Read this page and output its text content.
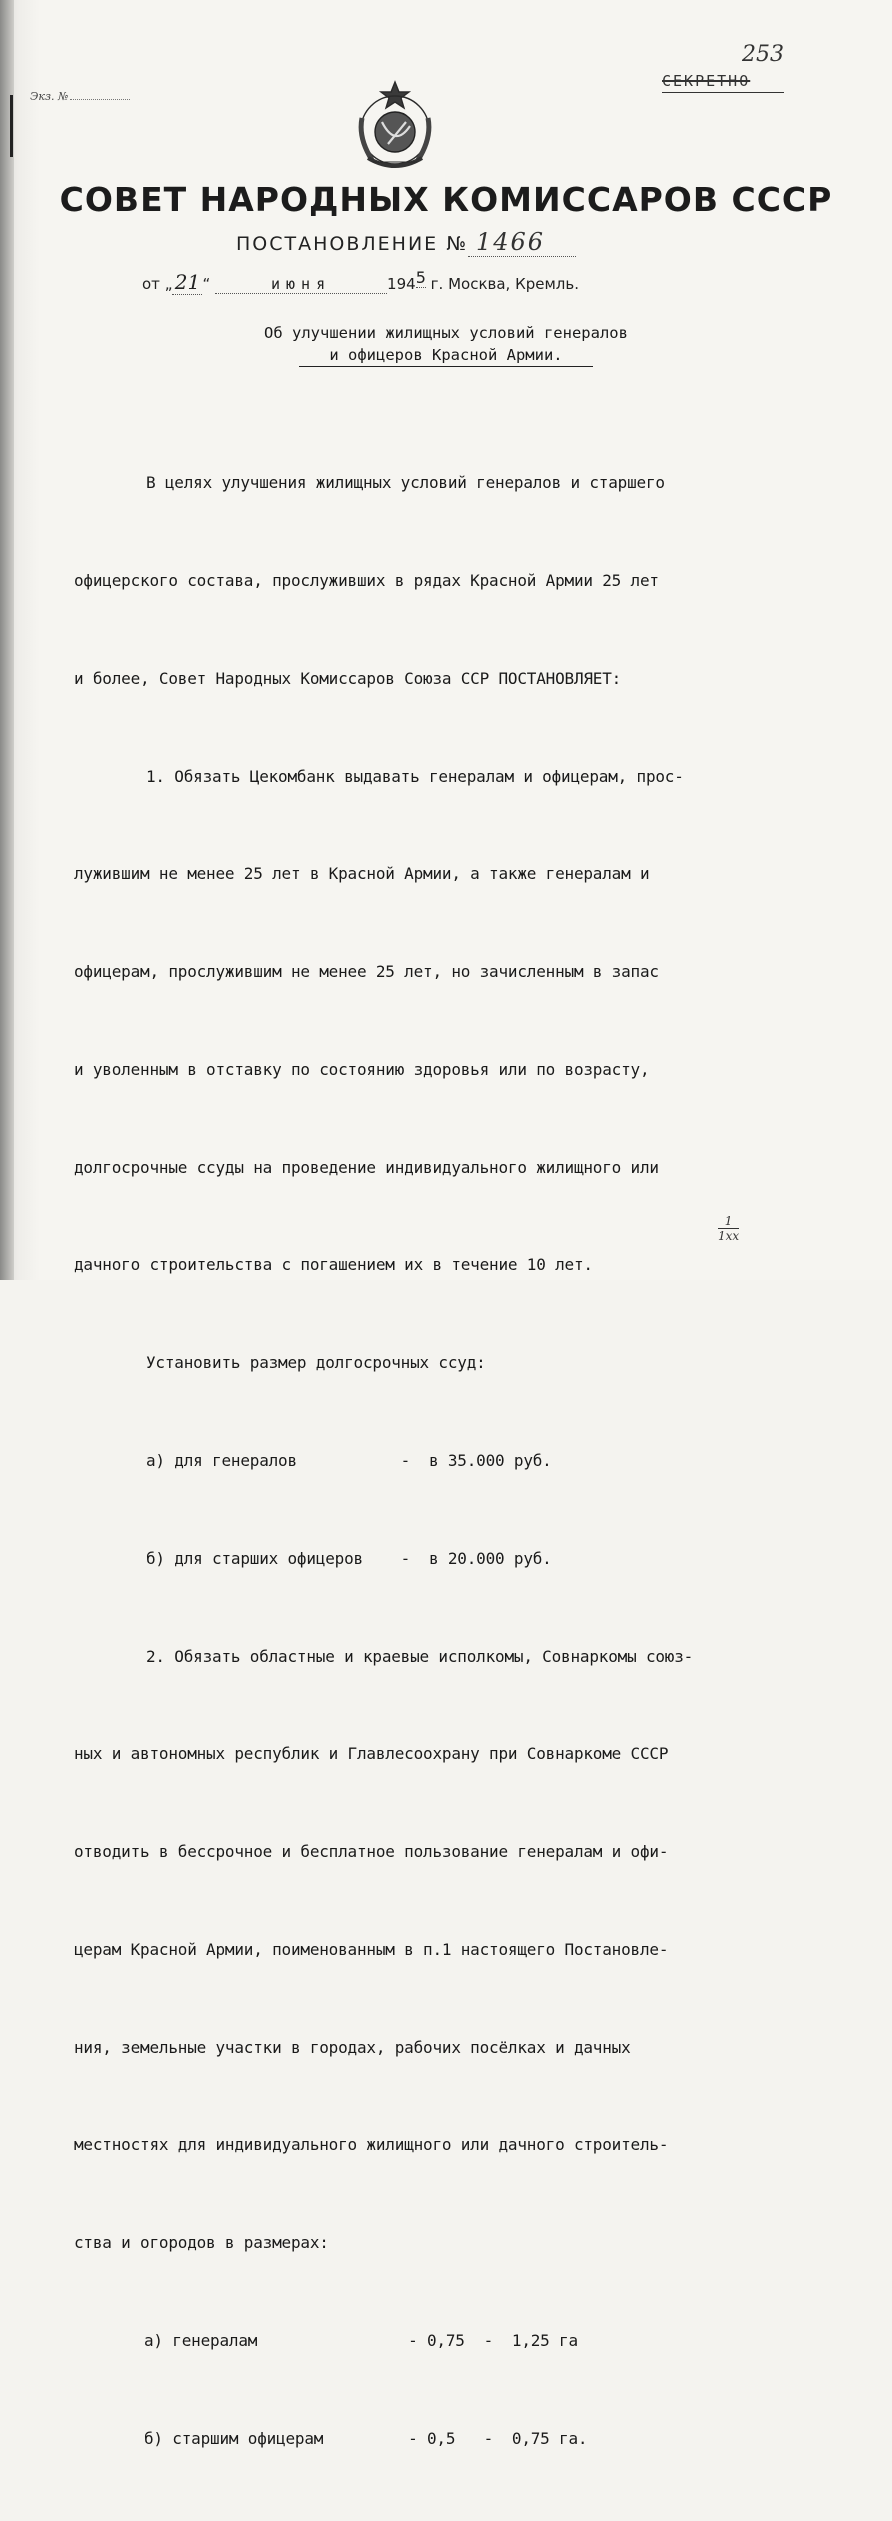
Экз. №
253
СЕКРЕТНО
СОВЕТ НАРОДНЫХ КОМИССАРОВ СССР
ПОСТАНОВЛЕНИЕ № 1466
от „ 21 “	июня	1945 г. Москва, Кремль.
Об улучшении жилищных условий генералов
и офицеров Красной Армии.

В целях улучшения жилищных условий генералов и старшего

офицерского состава, прослуживших в рядах Красной Армии 25 лет

и более, Совет Народных Комиссаров Союза ССР ПОСТАНОВЛЯЕТ:

1. Обязать Цекомбанк выдавать генералам и офицерам, прос-

лужившим не менее 25 лет в Красной Армии, а также генералам и

офицерам, прослужившим не менее 25 лет, но зачисленным в запас

и уволенным в отставку по состоянию здоровья или по возрасту,

долгосрочные ссуды на проведение индивидуального жилищного или

дачного строительства с погашением их в течение 10 лет.

Установить размер долгосрочных ссуд:

а) для генералов           -  в 35.000 руб.

б) для старших офицеров    -  в 20.000 руб.

2. Обязать областные и краевые исполкомы, Совнаркомы союз-

ных и автономных республик и Главлесоохрану при Совнаркоме СССР

отводить в бессрочное и бесплатное пользование генералам и офи-

церам Красной Армии, поименованным в п.1 настоящего Постановле-

ния, земельные участки в городах, рабочих посёлках и дачных

местностях для индивидуального жилищного или дачного строитель-

ства и огородов в размерах:

а) генералам                - 0,75  -  1,25 га

б) старшим офицерам         - 0,5   -  0,75 га.

1
1хх
